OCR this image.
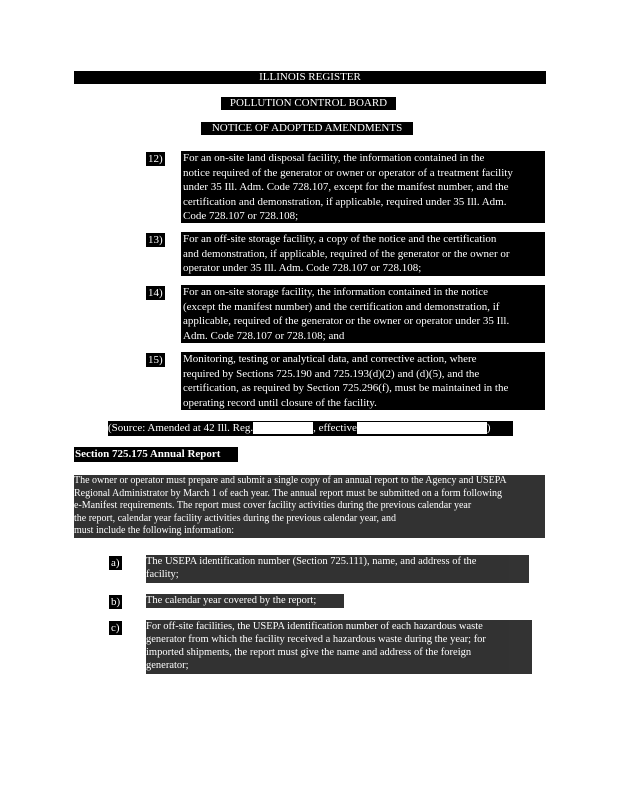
ILLINOIS REGISTER
POLLUTION CONTROL BOARD
NOTICE OF ADOPTED AMENDMENTS
12) For an on-site land disposal facility, the information contained in the
notice required of the generator or owner or operator of a treatment facility
under 35 Ill. Adm. Code 728.107, except for the manifest number, and the
certification and demonstration, if applicable, required under 35 Ill. Adm.
Code 728.107 or 728.108;
13) For an off-site storage facility, a copy of the notice and the certification
and demonstration, if applicable, required of the generator or the owner or
operator under 35 Ill. Adm. Code 728.107 or 728.108;
14) For an on-site storage facility, the information contained in the notice
(except the manifest number) and the certification and demonstration, if
applicable, required of the generator or the owner or operator under 35 Ill.
Adm. Code 728.107 or 728.108; and
15) Monitoring, testing or analytical data, and corrective action, where
required by Sections 725.190 and 725.193(d)(2) and (d)(5), and the
certification, as required by Section 725.296(f), must be maintained in the
operating record until closure of the facility.
(Source: Amended at 42 Ill. Reg.	, effective	)
Section 725.175 Annual Report
The owner or operator must prepare and submit a single copy of an annual report to the Agency and USEPA
Regional Administrator by March 1 of each year. The annual report must be submitted on a form following
e-Manifest requirements. The report must cover facility activities during the previous calendar year
the report, calendar year facility activities during the previous calendar year, and
must include the following information:
a)	The USEPA identification number (Section 725.111), name, and address of the
facility;
b) The calendar year covered by the report;
c)	For off-site facilities, the USEPA identification number of each hazardous waste
generator from which the facility received a hazardous waste during the year; for
imported shipments, the report must give the name and address of the foreign
generator;
